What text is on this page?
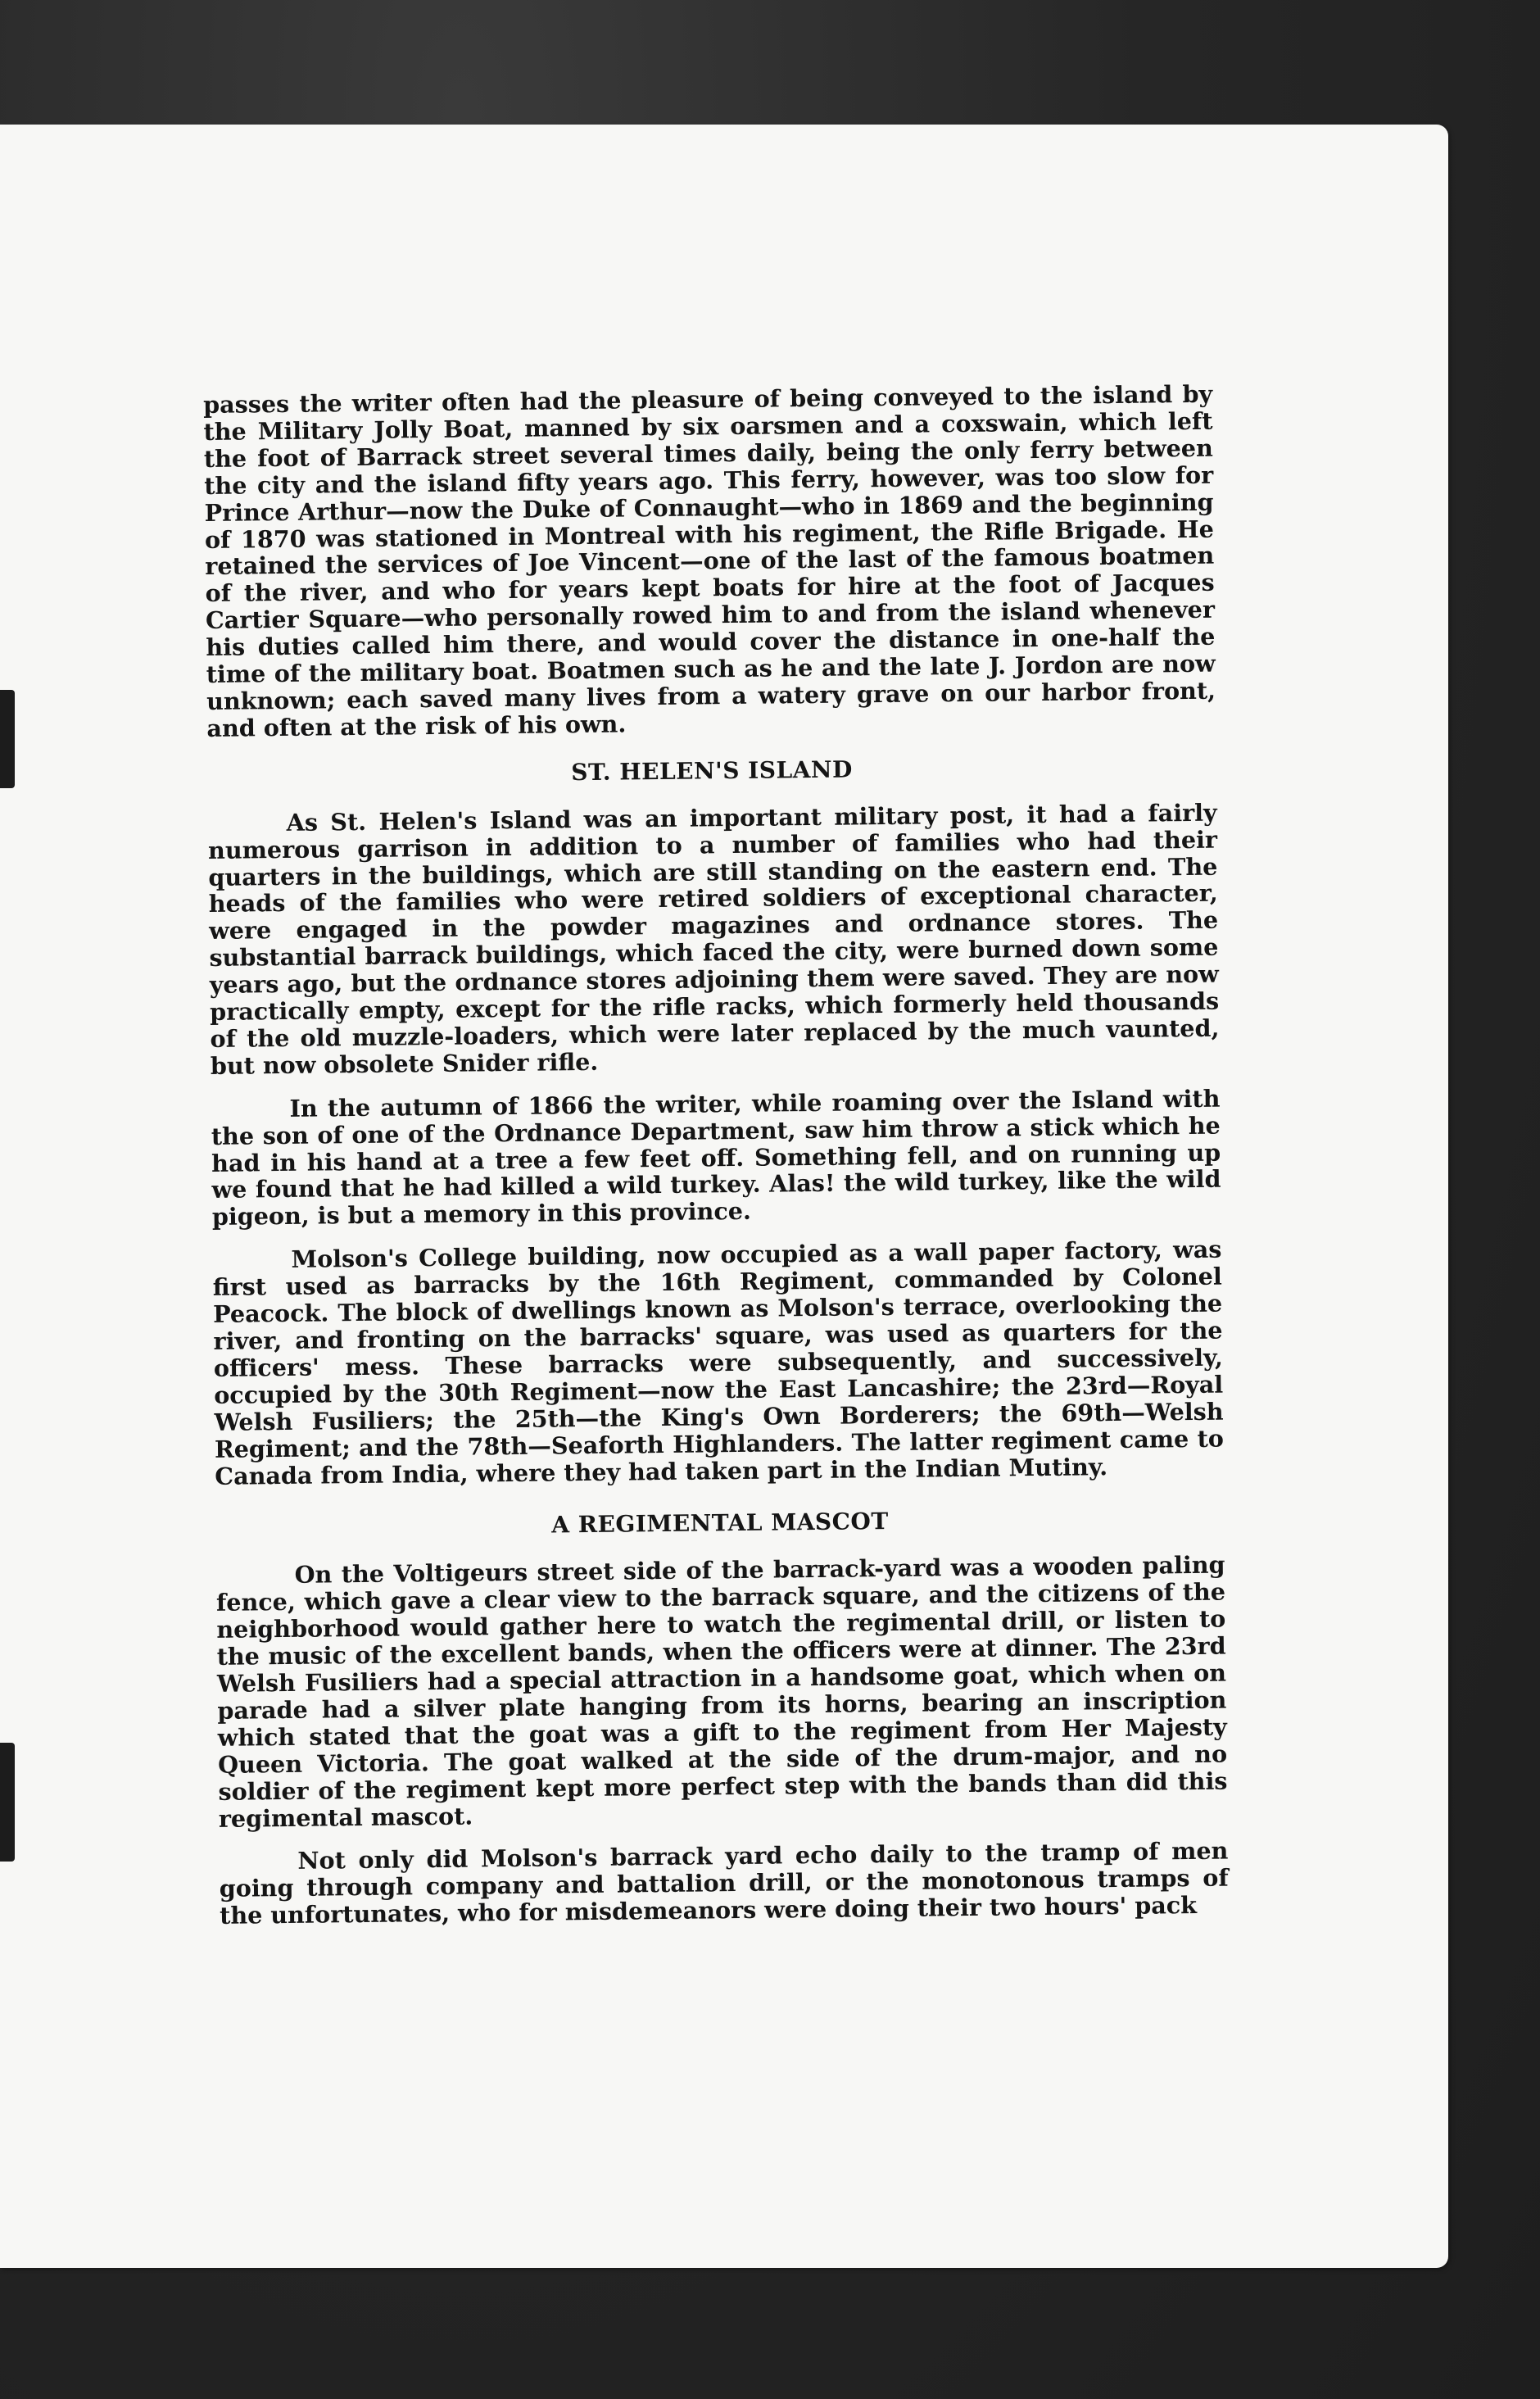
passes the writer often had the pleasure of being conveyed to the island by the Military Jolly Boat, manned by six oarsmen and a coxswain, which left the foot of Barrack street several times daily, being the only ferry between the city and the island fifty years ago. This ferry, however, was too slow for Prince Arthur—now the Duke of Connaught—who in 1869 and the beginning of 1870 was stationed in Montreal with his regiment, the Rifle Brigade. He retained the services of Joe Vincent—one of the last of the famous boatmen of the river, and who for years kept boats for hire at the foot of Jacques Cartier Square—who personally rowed him to and from the island whenever his duties called him there, and would cover the distance in one-half the time of the military boat. Boatmen such as he and the late J. Jordon are now unknown; each saved many lives from a watery grave on our harbor front, and often at the risk of his own.

ST. HELEN'S ISLAND

As St. Helen's Island was an important military post, it had a fairly numerous garrison in addition to a number of families who had their quarters in the buildings, which are still standing on the eastern end. The heads of the families who were retired soldiers of exceptional character, were engaged in the powder magazines and ordnance stores. The substantial barrack buildings, which faced the city, were burned down some years ago, but the ordnance stores adjoining them were saved. They are now practically empty, except for the rifle racks, which formerly held thousands of the old muzzle-loaders, which were later replaced by the much vaunted, but now obsolete Snider rifle.

In the autumn of 1866 the writer, while roaming over the Island with the son of one of the Ordnance Department, saw him throw a stick which he had in his hand at a tree a few feet off. Something fell, and on running up we found that he had killed a wild turkey. Alas! the wild turkey, like the wild pigeon, is but a memory in this province.

Molson's College building, now occupied as a wall paper factory, was first used as barracks by the 16th Regiment, commanded by Colonel Peacock. The block of dwellings known as Molson's terrace, overlooking the river, and fronting on the barracks' square, was used as quarters for the officers' mess. These barracks were subsequently, and successively, occupied by the 30th Regiment—now the East Lancashire; the 23rd—Royal Welsh Fusiliers; the 25th—the King's Own Borderers; the 69th—Welsh Regiment; and the 78th—Seaforth Highlanders. The latter regiment came to Canada from India, where they had taken part in the Indian Mutiny.

A REGIMENTAL MASCOT

On the Voltigeurs street side of the barrack-yard was a wooden paling fence, which gave a clear view to the barrack square, and the citizens of the neighborhood would gather here to watch the regimental drill, or listen to the music of the excellent bands, when the officers were at dinner. The 23rd Welsh Fusiliers had a special attraction in a handsome goat, which when on parade had a silver plate hanging from its horns, bearing an inscription which stated that the goat was a gift to the regiment from Her Majesty Queen Victoria. The goat walked at the side of the drum-major, and no soldier of the regiment kept more perfect step with the bands than did this regimental mascot.

Not only did Molson's barrack yard echo daily to the tramp of men going through company and battalion drill, or the monotonous tramps of the unfortunates, who for misdemeanors were doing their two hours' pack
